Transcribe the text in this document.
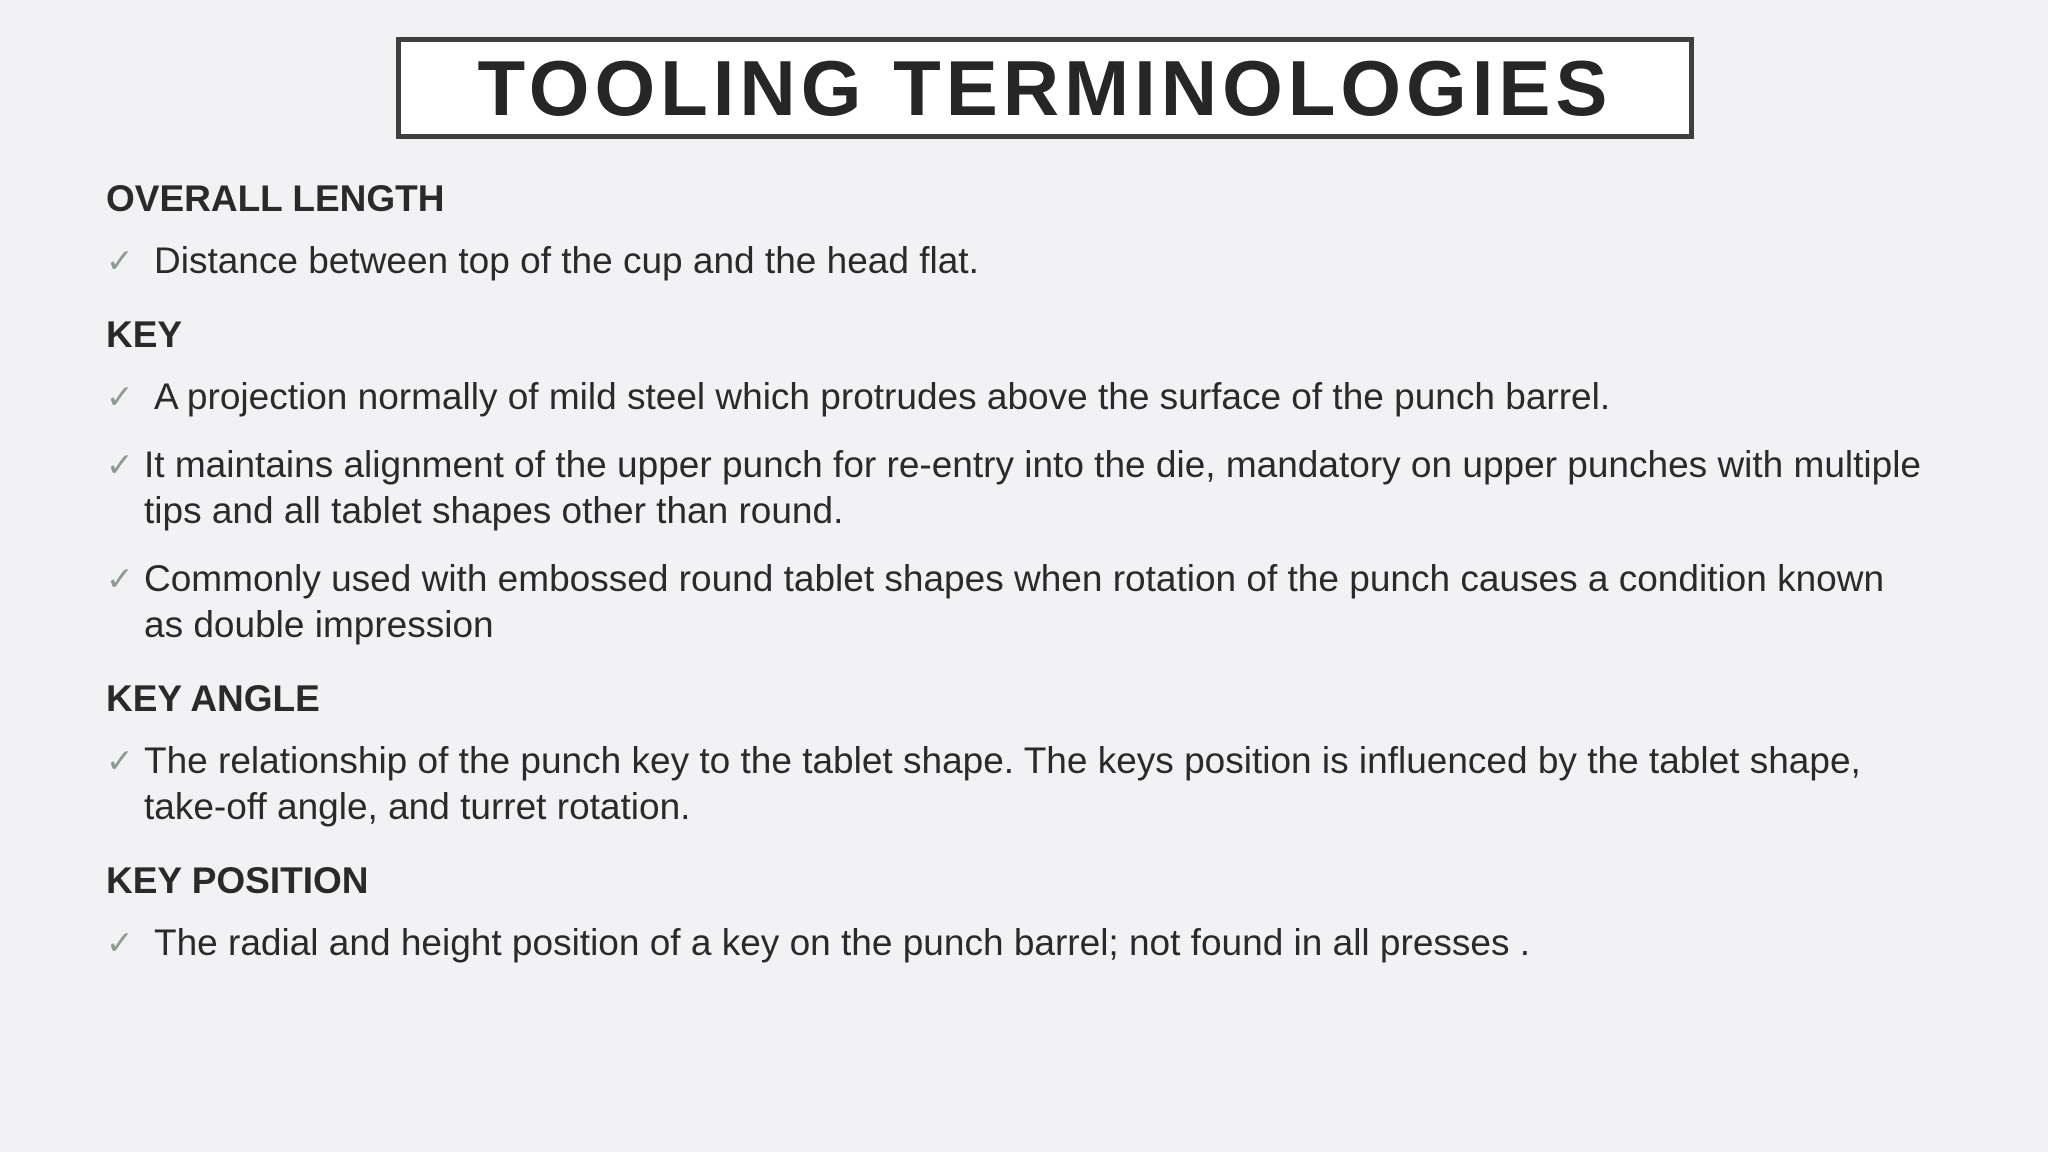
TOOLING TERMINOLOGIES
OVERALL LENGTH
✓ Distance between top of the cup and the head flat.
KEY
✓ A projection normally of mild steel which protrudes above the surface of the punch barrel.
✓ It maintains alignment of the upper punch for re-entry into the die, mandatory on upper punches with multiple tips and all tablet shapes other than round.
✓ Commonly used with embossed round tablet shapes when rotation of the punch causes a condition known as double impression
KEY ANGLE
✓ The relationship of the punch key to the tablet shape. The keys position is influenced by the tablet shape, take-off angle, and turret rotation.
KEY POSITION
✓ The radial and height position of a key on the punch barrel; not found in all presses .
